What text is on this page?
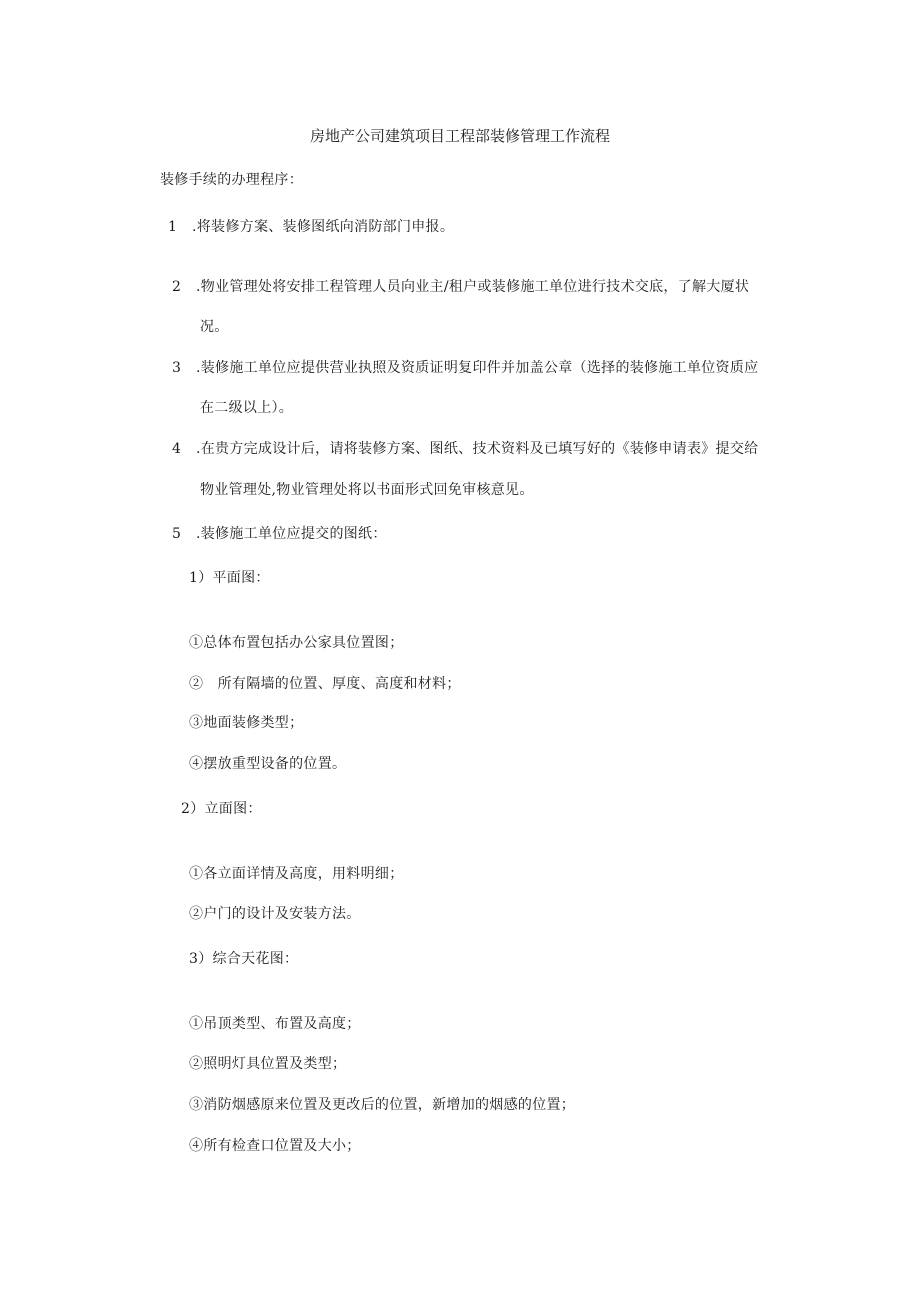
房地产公司建筑项目工程部装修管理工作流程
装修手续的办理程序：
1 .将装修方案、装修图纸向消防部门申报。
2 .物业管理处将安排工程管理人员向业主/租户或装修施工单位进行技术交底，了解大厦状
况。
3 .装修施工单位应提供营业执照及资质证明复印件并加盖公章（选择的装修施工单位资质应
在二级以上）。
4 .在贵方完成设计后，请将装修方案、图纸、技术资料及已填写好的《装修申请表》提交给
物业管理处,物业管理处将以书面形式回免审核意见。
5 .装修施工单位应提交的图纸：
1）平面图：
①总体布置包括办公家具位置图；
②　所有隔墙的位置、厚度、高度和材料；
③地面装修类型；
④摆放重型设备的位置。
2）立面图：
①各立面详情及高度，用料明细；
②户门的设计及安装方法。
3）综合天花图：
①吊顶类型、布置及高度；
②照明灯具位置及类型；
③消防烟感原来位置及更改后的位置，新增加的烟感的位置；
④所有检查口位置及大小；
